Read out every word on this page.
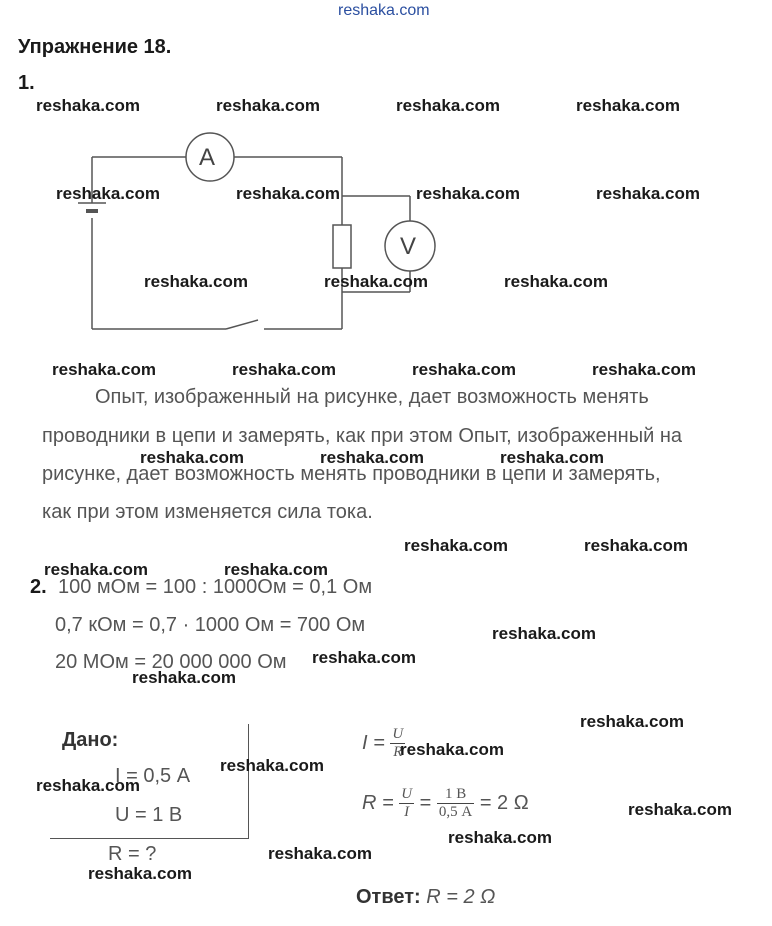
reshaka.com
Упражнение 18.
1.
A
V
Опыт, изображенный на рисунке, дает возможность менять
проводники в цепи и замерять, как при этом Опыт, изображенный на
рисунке, дает возможность менять проводники в цепи и замерять,
как при этом изменяется сила тока.
2. 100 мОм = 100 : 1000Ом = 0,1 Ом
0,7 кОм = 0,7 · 1000 Ом = 700 Ом
20 МОм = 20 000 000 Ом
Дано:
I = 0,5 А
U = 1 В
R = ?
$I = \frac{U}{R}$
$R = \frac{U}{I} = \frac{1 В}{0,5 А} = 2$ Ω
Ответ: R = 2 Ω
reshaka.com	reshaka.com	reshaka.com	reshaka.com
reshaka.com	reshaka.com	reshaka.com	reshaka.com
reshaka.com	reshaka.com	reshaka.com
reshaka.com	reshaka.com	reshaka.com	reshaka.com
reshaka.com	reshaka.com	reshaka.com
reshaka.com	reshaka.com
reshaka.com	reshaka.com
reshaka.com
reshaka.com
reshaka.com
reshaka.com
reshaka.com
reshaka.com
reshaka.com
reshaka.com
reshaka.com
reshaka.com
reshaka.com
